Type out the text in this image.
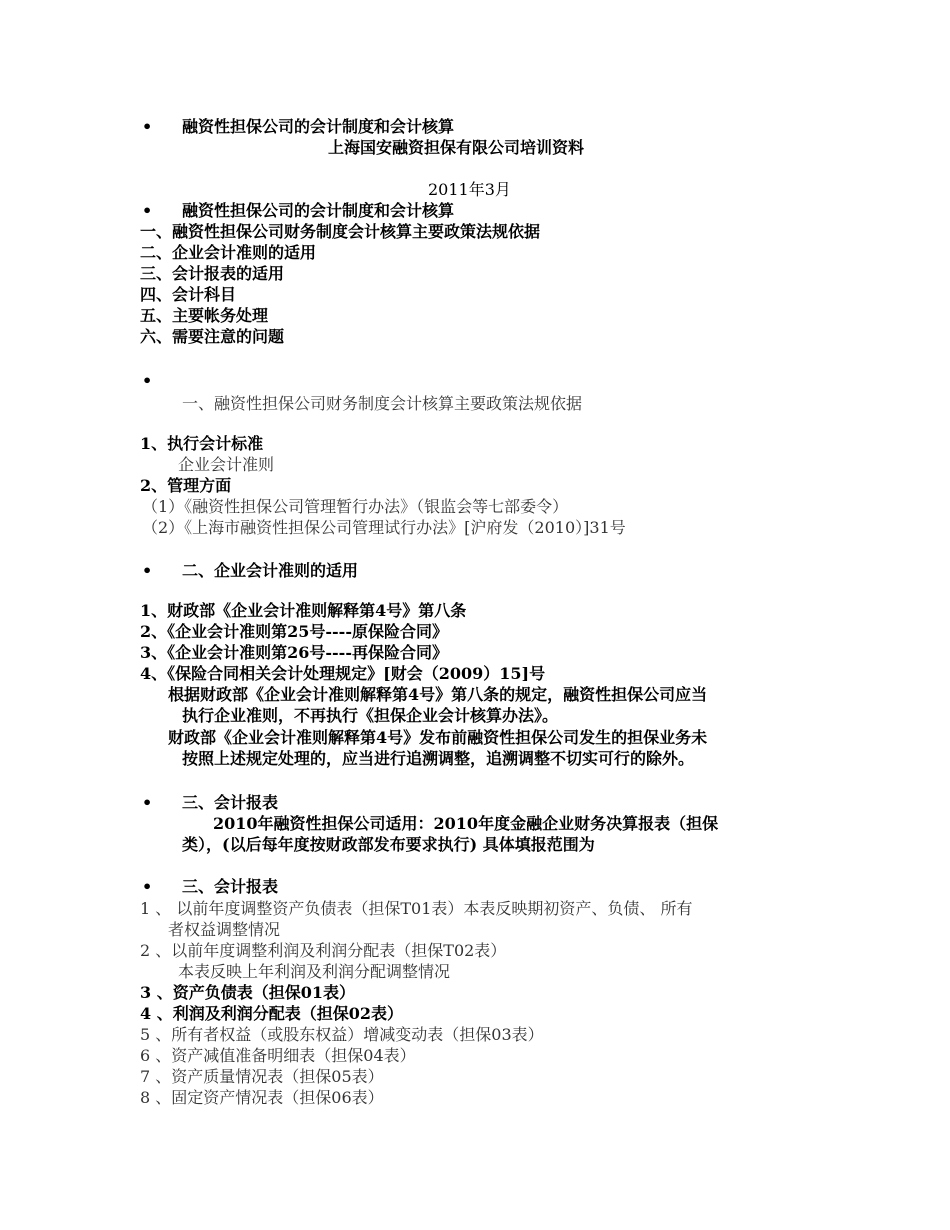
• 融资性担保公司的会计制度和会计核算
上海国安融资担保有限公司培训资料
2011年3月
• 融资性担保公司的会计制度和会计核算
一、融资性担保公司财务制度会计核算主要政策法规依据
二、企业会计准则的适用
三、会计报表的适用
四、会计科目
五、主要帐务处理
六、需要注意的问题
•
一、融资性担保公司财务制度会计核算主要政策法规依据
1、执行会计标准
企业会计准则
2、管理方面
（1）《融资性担保公司管理暂行办法》（银监会等七部委令）
（2）《上海市融资性担保公司管理试行办法》[沪府发（2010）]31号
• 二、企业会计准则的适用
1、财政部《企业会计准则解释第4号》第八条
2、《企业会计准则第25号----原保险合同》
3、《企业会计准则第26号----再保险合同》
4、《保险合同相关会计处理规定》[财会（2009）15]号
根据财政部《企业会计准则解释第4号》第八条的规定，融资性担保公司应当
执行企业准则，不再执行《担保企业会计核算办法》。
财政部《企业会计准则解释第4号》发布前融资性担保公司发生的担保业务未
按照上述规定处理的，应当进行追溯调整，追溯调整不切实可行的除外。
• 三、会计报表
2010年融资性担保公司适用：2010年度金融企业财务决算报表（担保
类），(以后每年度按财政部发布要求执行) 具体填报范围为
• 三、会计报表
1 、 以前年度调整资产负债表（担保T01表）本表反映期初资产、负债、 所有
者权益调整情况
2 、以前年度调整利润及利润分配表（担保T02表）
本表反映上年利润及利润分配调整情况
3 、资产负债表（担保01表）
4 、利润及利润分配表（担保02表）
5 、所有者权益（或股东权益）增减变动表（担保03表）
6 、资产减值准备明细表（担保04表）
7 、资产质量情况表（担保05表）
8 、固定资产情况表（担保06表）
